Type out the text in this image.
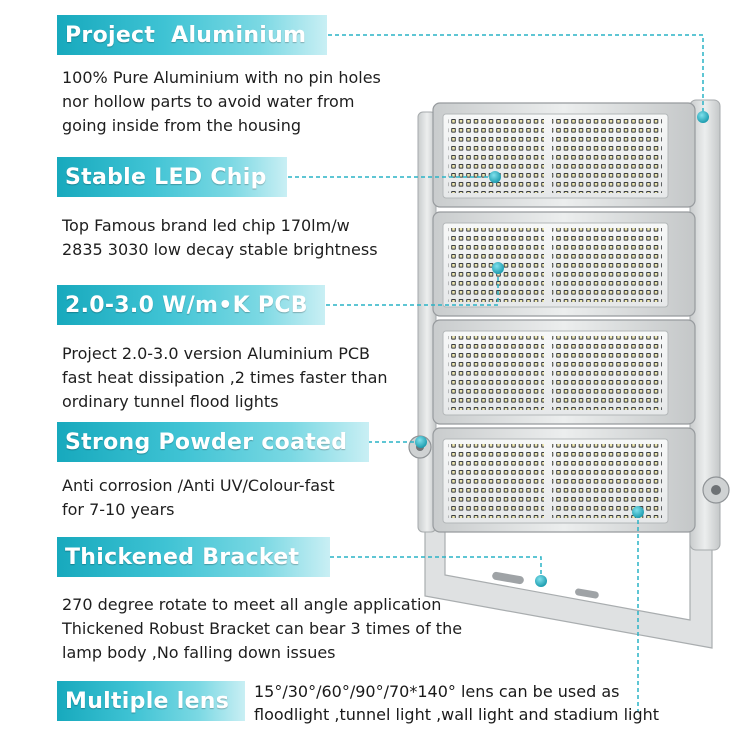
Project  Aluminium
100% Pure Aluminium with no pin holes
nor hollow parts to avoid water from
going inside from the housing
Stable LED Chip
Top Famous brand led chip 170lm/w
2835 3030 low decay stable brightness
2.0-3.0 W/m•K PCB
Project 2.0-3.0 version Aluminium PCB
fast heat dissipation ,2 times faster than
ordinary tunnel flood lights
Strong Powder coated
Anti corrosion /Anti UV/Colour-fast
for 7-10 years
Thickened Bracket
270 degree rotate to meet all angle application
Thickened Robust Bracket can bear 3 times of the
lamp body ,No falling down issues
Multiple lens 15°/30°/60°/90°/70*140° lens can be used as
floodlight ,tunnel light ,wall light and stadium light
